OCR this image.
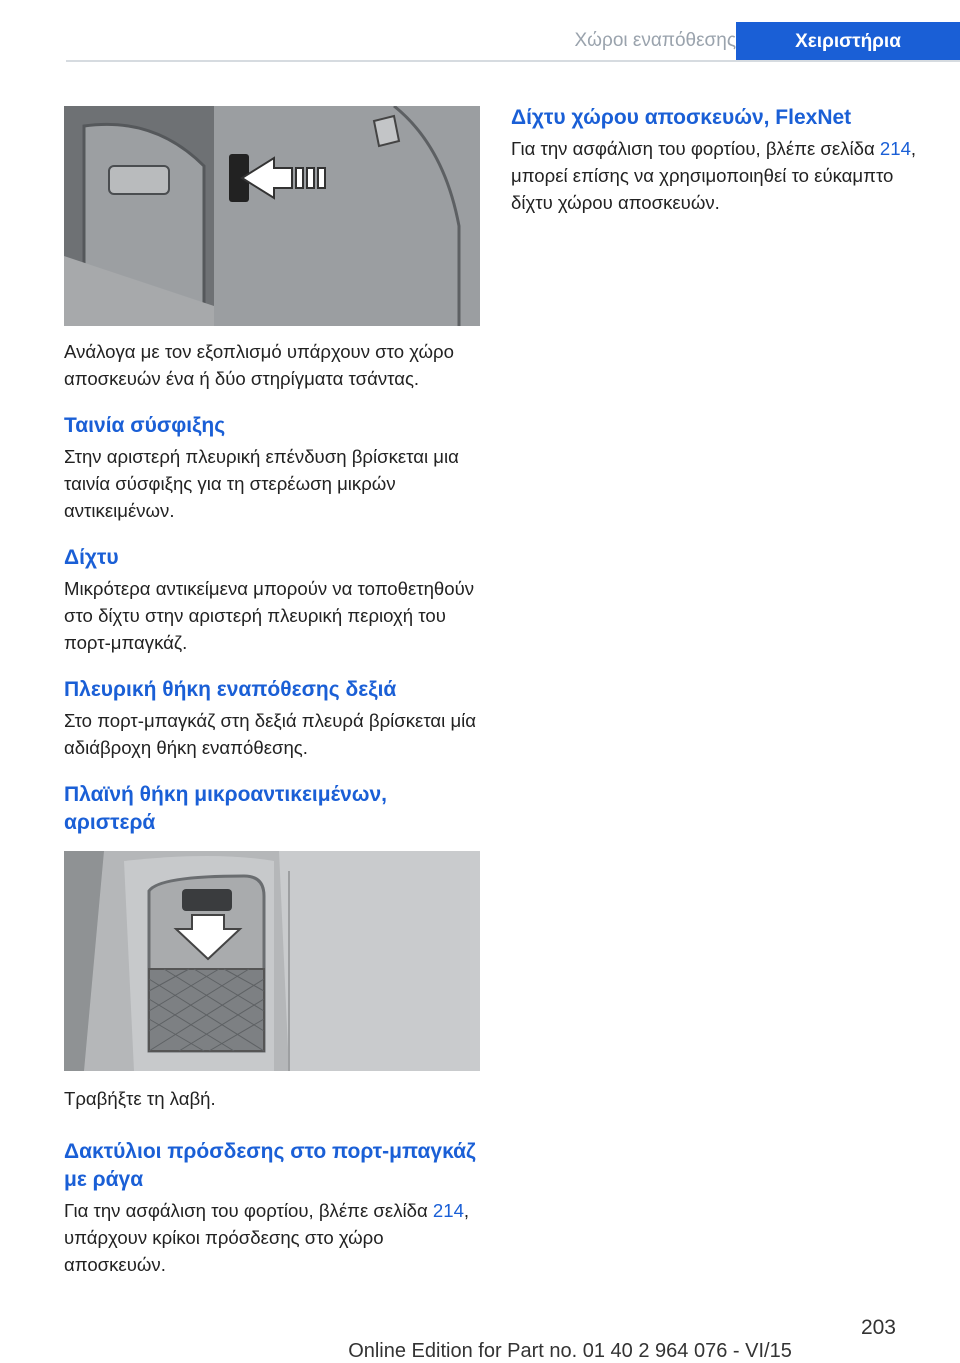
Χώροι εναπόθεσης	Χειριστήρια

Ανάλογα με τον εξοπλισμό υπάρχουν στο χώρο αποσκευών ένα ή δύο στηρίγματα τσάντας.

Ταινία σύσφιξης

Στην αριστερή πλευρική επένδυση βρίσκεται μια ταινία σύσφιξης για τη στερέωση μικρών αντικειμένων.

Δίχτυ

Μικρότερα αντικείμενα μπορούν να τοποθετηθούν στο δίχτυ στην αριστερή πλευρική περιοχή του πορτ-μπαγκάζ.

Πλευρική θήκη εναπόθεσης δεξιά

Στο πορτ-μπαγκάζ στη δεξιά πλευρά βρίσκεται μία αδιάβροχη θήκη εναπόθεσης.

Πλαϊνή θήκη μικροαντικειμένων, αριστερά

Τραβήξτε τη λαβή.

Δακτύλιοι πρόσδεσης στο πορτ-μπαγκάζ με ράγα

Για την ασφάλιση του φορτίου, βλέπε σελίδα 214, υπάρχουν κρίκοι πρόσδεσης στο χώρο αποσκευών.

Δίχτυ χώρου αποσκευών, FlexNet

Για την ασφάλιση του φορτίου, βλέπε σελίδα 214, μπορεί επίσης να χρησιμοποιηθεί το εύκαμπτο δίχτυ χώρου αποσκευών.

203
Online Edition for Part no. 01 40 2 964 076 - VI/15
